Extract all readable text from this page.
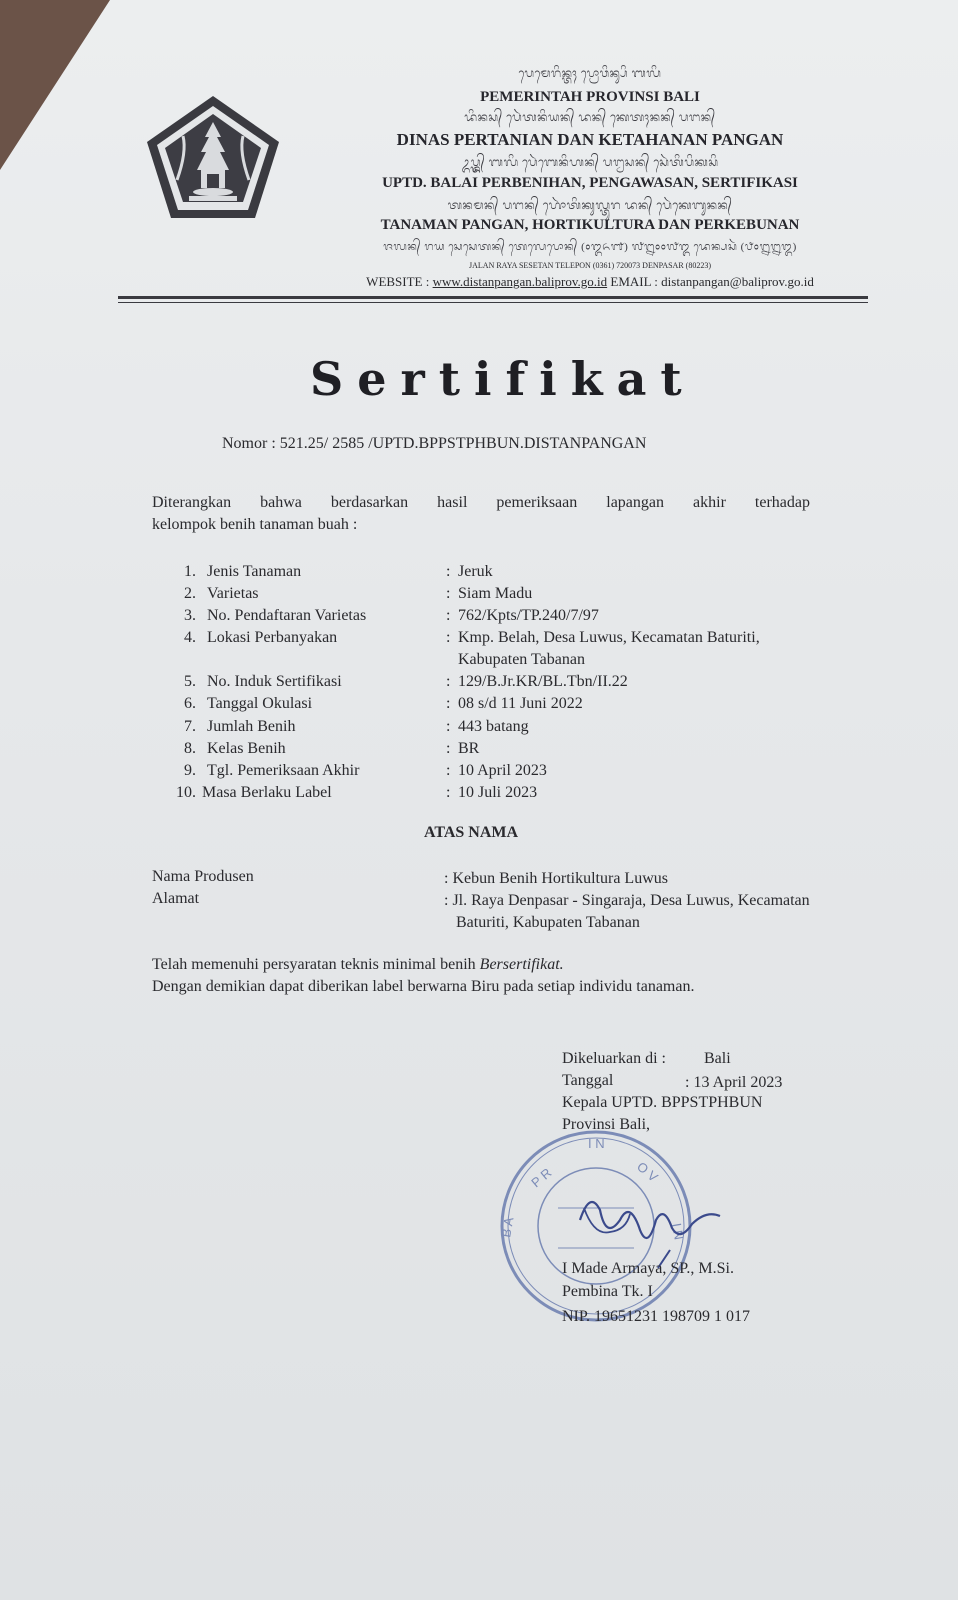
ᬧᬾᬫᬾᬭᬶᬦ᭄ᬢᬄ ᬧ᭄ᬭᭀᬯᬶᬦ᭄ᬲᬶ ᬩᬮᬶ
PEMERINTAH PROVINSI BALI
ᬤᬶᬦᬲ᭄ ᬧᬾᬃᬢᬦᬶᬬᬦ᭄ ᬤᬦ᭄ ᬓᬾᬢᬄᬦᬦ᭄ ᬧᬗᬦ᭄
DINAS PERTANIAN DAN KETAHANAN PANGAN
ᬉᬧ᭄ᬢ᭄ᬤ᭄ ᬩᬮᬶ ᬧᬾᬃᬩᬾᬦᬶᬳᬦ᭄ ᬧᬗ᭄ᬯᬲᬦ᭄ ᬲᬾᬃᬢᬶᬧᬶᬓᬲᬶ
UPTD. BALAI PERBENIHAN, PENGAWASAN, SERTIFIKASI
ᬢᬦᬫᬦ᭄ ᬧᬗᬦ᭄ ᬳᭀᬃᬢᬶᬓᬸᬮ᭄ᬢᬸᬭ ᬤᬦ᭄ ᬧᬾᬃᬓᬾᬩᬸᬦᬦ᭄
TANAMAN PANGAN, HORTIKULTURA DAN PERKEBUNAN
ᬚᬮᬦ᭄ ᬭᬬ ᬲᬾᬲᬾᬢᬦ᭄ ᬢᬾᬮᬾᬧᭀᬦ᭄ (᭐᭓᭖᭑) ᭗᭒᭐᭐᭗᭓ ᬤᬾᬦ᭄ᬧᬲᬃ (᭘᭐᭒᭒᭓)
JALAN RAYA SESETAN TELEPON (0361) 720073 DENPASAR (80223)
WEBSITE : www.distanpangan.baliprov.go.id EMAIL : distanpangan@baliprov.go.id
Sertifikat
Nomor : 521.25/ 2585 /UPTD.BPPSTPHBUN.DISTANPANGAN
Diterangkan bahwa berdasarkan hasil pemeriksaan lapangan akhir terhadap
kelompok benih tanaman buah :
1. Jenis Tanaman	: Jeruk
2. Varietas	: Siam Madu
3. No. Pendaftaran Varietas	: 762/Kpts/TP.240/7/97
4. Lokasi Perbanyakan	: Kmp. Belah, Desa Luwus, Kecamatan Baturiti,
Kabupaten Tabanan
5. No. Induk Sertifikasi	: 129/B.Jr.KR/BL.Tbn/II.22
6. Tanggal Okulasi	: 08 s/d 11 Juni 2022
7. Jumlah Benih	: 443 batang
8. Kelas Benih	: BR
9. Tgl. Pemeriksaan Akhir	: 10 April 2023
10. Masa Berlaku Label	: 10 Juli 2023
ATAS NAMA
Nama Produsen	: Kebun Benih Hortikultura Luwus
Alamat	: Jl. Raya Denpasar - Singaraja, Desa Luwus, Kecamatan
Baturiti, Kabupaten Tabanan
Telah memenuhi persyaratan teknis minimal benih Bersertifikat.
Dengan demikian dapat diberikan label berwarna Biru pada setiap individu tanaman.
Dikeluarkan di : Bali
Tanggal	: 13 April 2023
Kepala UPTD. BPPSTPHBUN
Provinsi Bali,
P R
I N
O V
I N
B A
I Made Armaya, SP., M.Si.
Pembina Tk. I
NIP. 19651231 198709 1 017
